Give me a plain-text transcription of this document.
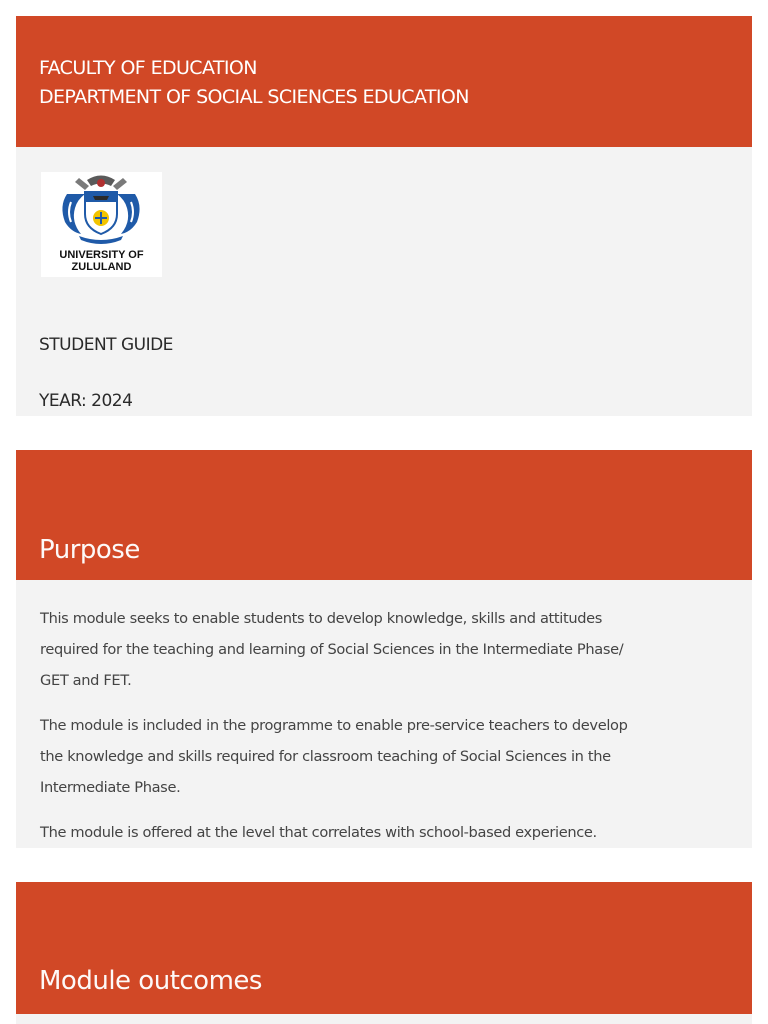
FACULTY OF EDUCATION
DEPARTMENT OF SOCIAL SCIENCES EDUCATION
UNIVERSITY OF
ZULULAND
STUDENT GUIDE
YEAR: 2024
Purpose

This module seeks to enable students to develop knowledge, skills and attitudes required for the teaching and learning of Social Sciences in the Intermediate Phase/ GET and FET.

The module is included in the programme to enable pre-service teachers to develop the knowledge and skills required for classroom teaching of Social Sciences in the Intermediate Phase.

The module is offered at the level that correlates with school-based experience.

Module outcomes
